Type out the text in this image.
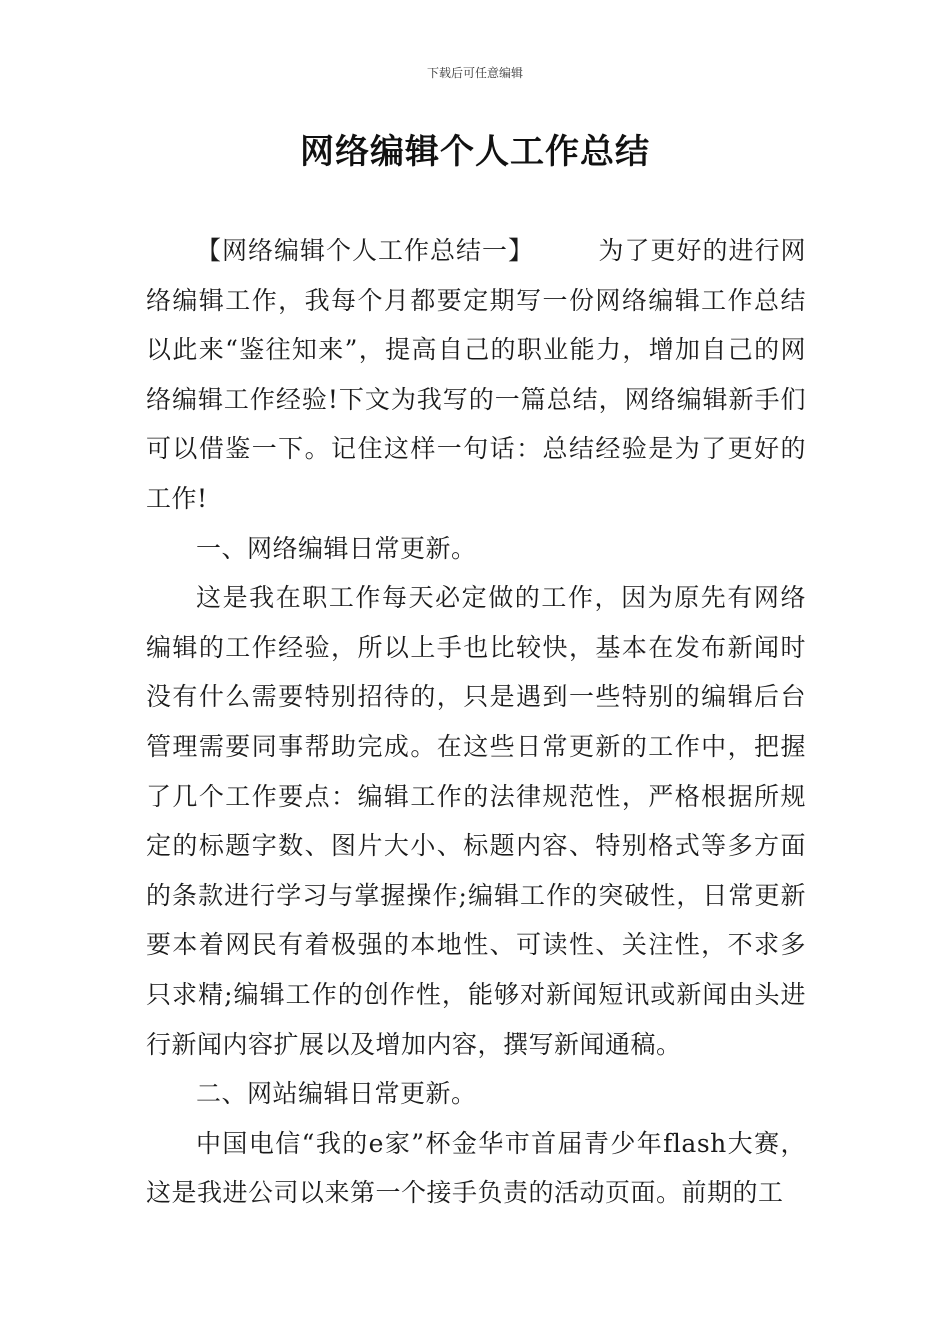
下载后可任意编辑
网络编辑个人工作总结

【网络编辑个人工作总结一】	为了更好的进行网络编辑工作，我每个月都要定期写一份网络编辑工作总结以此来“鉴往知来”，提高自己的职业能力，增加自己的网络编辑工作经验!下文为我写的一篇总结，网络编辑新手们可以借鉴一下。记住这样一句话：总结经验是为了更好的工作!

一、网络编辑日常更新。

这是我在职工作每天必定做的工作，因为原先有网络编辑的工作经验，所以上手也比较快，基本在发布新闻时没有什么需要特别招待的，只是遇到一些特别的编辑后台管理需要同事帮助完成。在这些日常更新的工作中，把握了几个工作要点：编辑工作的法律规范性，严格根据所规定的标题字数、图片大小、标题内容、特别格式等多方面的条款进行学习与掌握操作;编辑工作的突破性，日常更新要本着网民有着极强的本地性、可读性、关注性，不求多只求精;编辑工作的创作性，能够对新闻短讯或新闻由头进行新闻内容扩展以及增加内容，撰写新闻通稿。

二、网站编辑日常更新。

中国电信“我的e家”杯金华市首届青少年flash大赛，这是我进公司以来第一个接手负责的活动页面。前期的工
